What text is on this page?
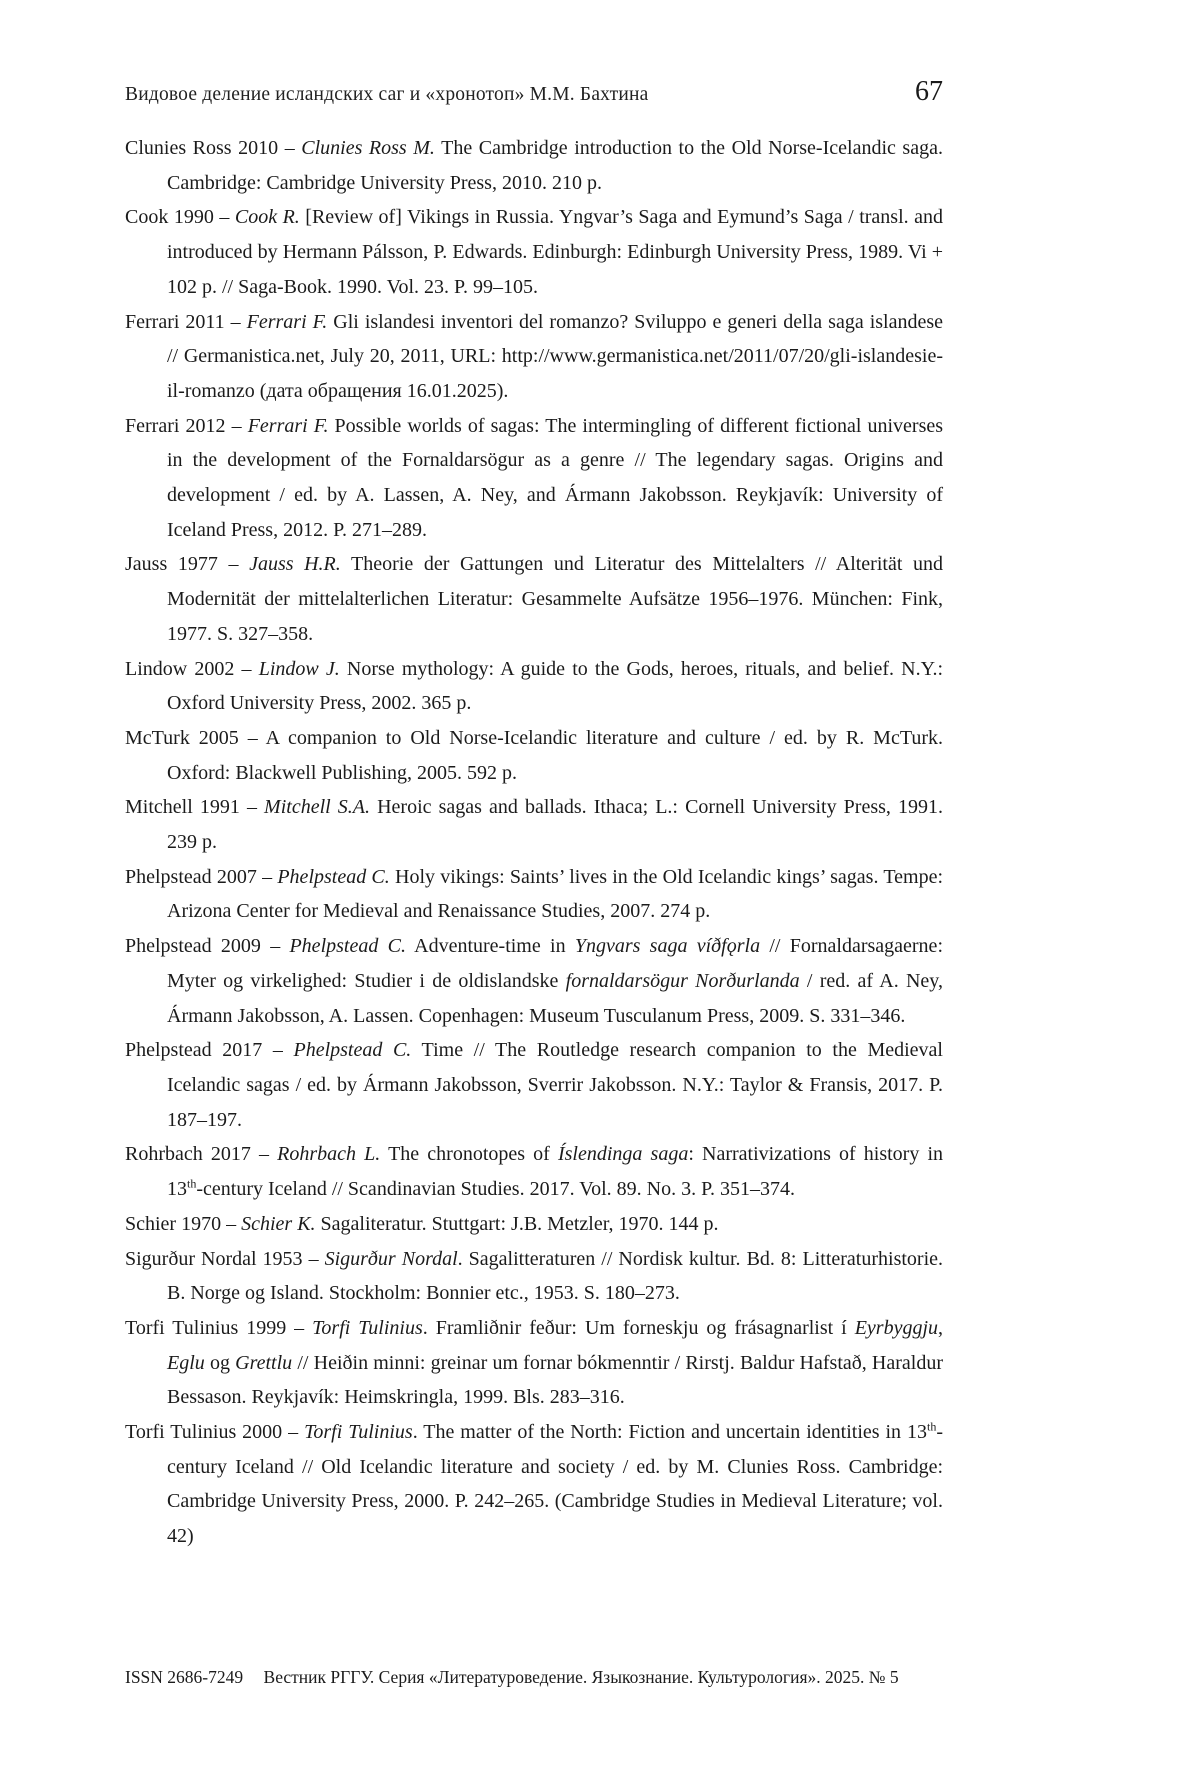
Видовое деление исландских саг и «хронотоп» М.М. Бахтина	67

Clunies Ross 2010 – Clunies Ross M. The Cambridge introduction to the Old Norse-Icelandic saga. Cambridge: Cambridge University Press, 2010. 210 p.

Cook 1990 – Cook R. [Review of] Vikings in Russia. Yngvar’s Saga and Eymund’s Saga / transl. and introduced by Hermann Pálsson, P. Edwards. Edinburgh: Edinburgh University Press, 1989. Vi + 102 p. // Saga-Book. 1990. Vol. 23. P. 99–105.

Ferrari 2011 – Ferrari F. Gli islandesi inventori del romanzo? Sviluppo e generi della saga islandese // Germanistica.net, July 20, 2011, URL: http://www.germanistica.net/2011/07/20/gli-islandesie-il-romanzo (дата обращения 16.01.2025).

Ferrari 2012 – Ferrari F. Possible worlds of sagas: The intermingling of different fictional universes in the development of the Fornaldarsögur as a genre // The legendary sagas. Origins and development / ed. by A. Lassen, A. Ney, and Ármann Jakobsson. Reykjavík: University of Iceland Press, 2012. P. 271–289.

Jauss 1977 – Jauss H.R. Theorie der Gattungen und Literatur des Mittelalters // Alterität und Modernität der mittelalterlichen Literatur: Gesammelte Aufsätze 1956–1976. München: Fink, 1977. S. 327–358.

Lindow 2002 – Lindow J. Norse mythology: A guide to the Gods, heroes, rituals, and belief. N.Y.: Oxford University Press, 2002. 365 p.

McTurk 2005 – A companion to Old Norse-Icelandic literature and culture / ed. by R. McTurk. Oxford: Blackwell Publishing, 2005. 592 p.

Mitchell 1991 – Mitchell S.A. Heroic sagas and ballads. Ithaca; L.: Cornell University Press, 1991. 239 p.

Phelpstead 2007 – Phelpstead C. Holy vikings: Saints’ lives in the Old Icelandic kings’ sagas. Tempe: Arizona Center for Medieval and Renaissance Studies, 2007. 274 p.

Phelpstead 2009 – Phelpstead C. Adventure-time in Yngvars saga víðfǫrla // Fornaldarsagaerne: Myter og virkelighed: Studier i de oldislandske fornaldarsögur Norðurlanda / red. af A. Ney, Ármann Jakobsson, A. Lassen. Copenhagen: Museum Tusculanum Press, 2009. S. 331–346.

Phelpstead 2017 – Phelpstead C. Time // The Routledge research companion to the Medieval Icelandic sagas / ed. by Ármann Jakobsson, Sverrir Jakobsson. N.Y.: Taylor & Fransis, 2017. P. 187–197.

Rohrbach 2017 – Rohrbach L. The chronotopes of Íslendinga saga: Narrativizations of history in 13th-century Iceland // Scandinavian Studies. 2017. Vol. 89. No. 3. P. 351–374.

Schier 1970 – Schier K. Sagaliteratur. Stuttgart: J.B. Metzler, 1970. 144 p.

Sigurður Nordal 1953 – Sigurður Nordal. Sagalitteraturen // Nordisk kultur. Bd. 8: Litteraturhistorie. B. Norge og Island. Stockholm: Bonnier etc., 1953. S. 180–273.

Torfi Tulinius 1999 – Torfi Tulinius. Framliðnir feður: Um forneskju og frásagnarlist í Eyrbyggju, Eglu og Grettlu // Heiðin minni: greinar um fornar bókmenntir / Rirstj. Baldur Hafstað, Haraldur Bessason. Reykjavík: Heimskringla, 1999. Bls. 283–316.

Torfi Tulinius 2000 – Torfi Tulinius. The matter of the North: Fiction and uncertain identities in 13th-century Iceland // Old Icelandic literature and society / ed. by M. Clunies Ross. Cambridge: Cambridge University Press, 2000. P. 242–265. (Cambridge Studies in Medieval Literature; vol. 42)

ISSN 2686-7249 Вестник РГГУ. Серия «Литературоведение. Языкознание. Культурология». 2025. № 5
